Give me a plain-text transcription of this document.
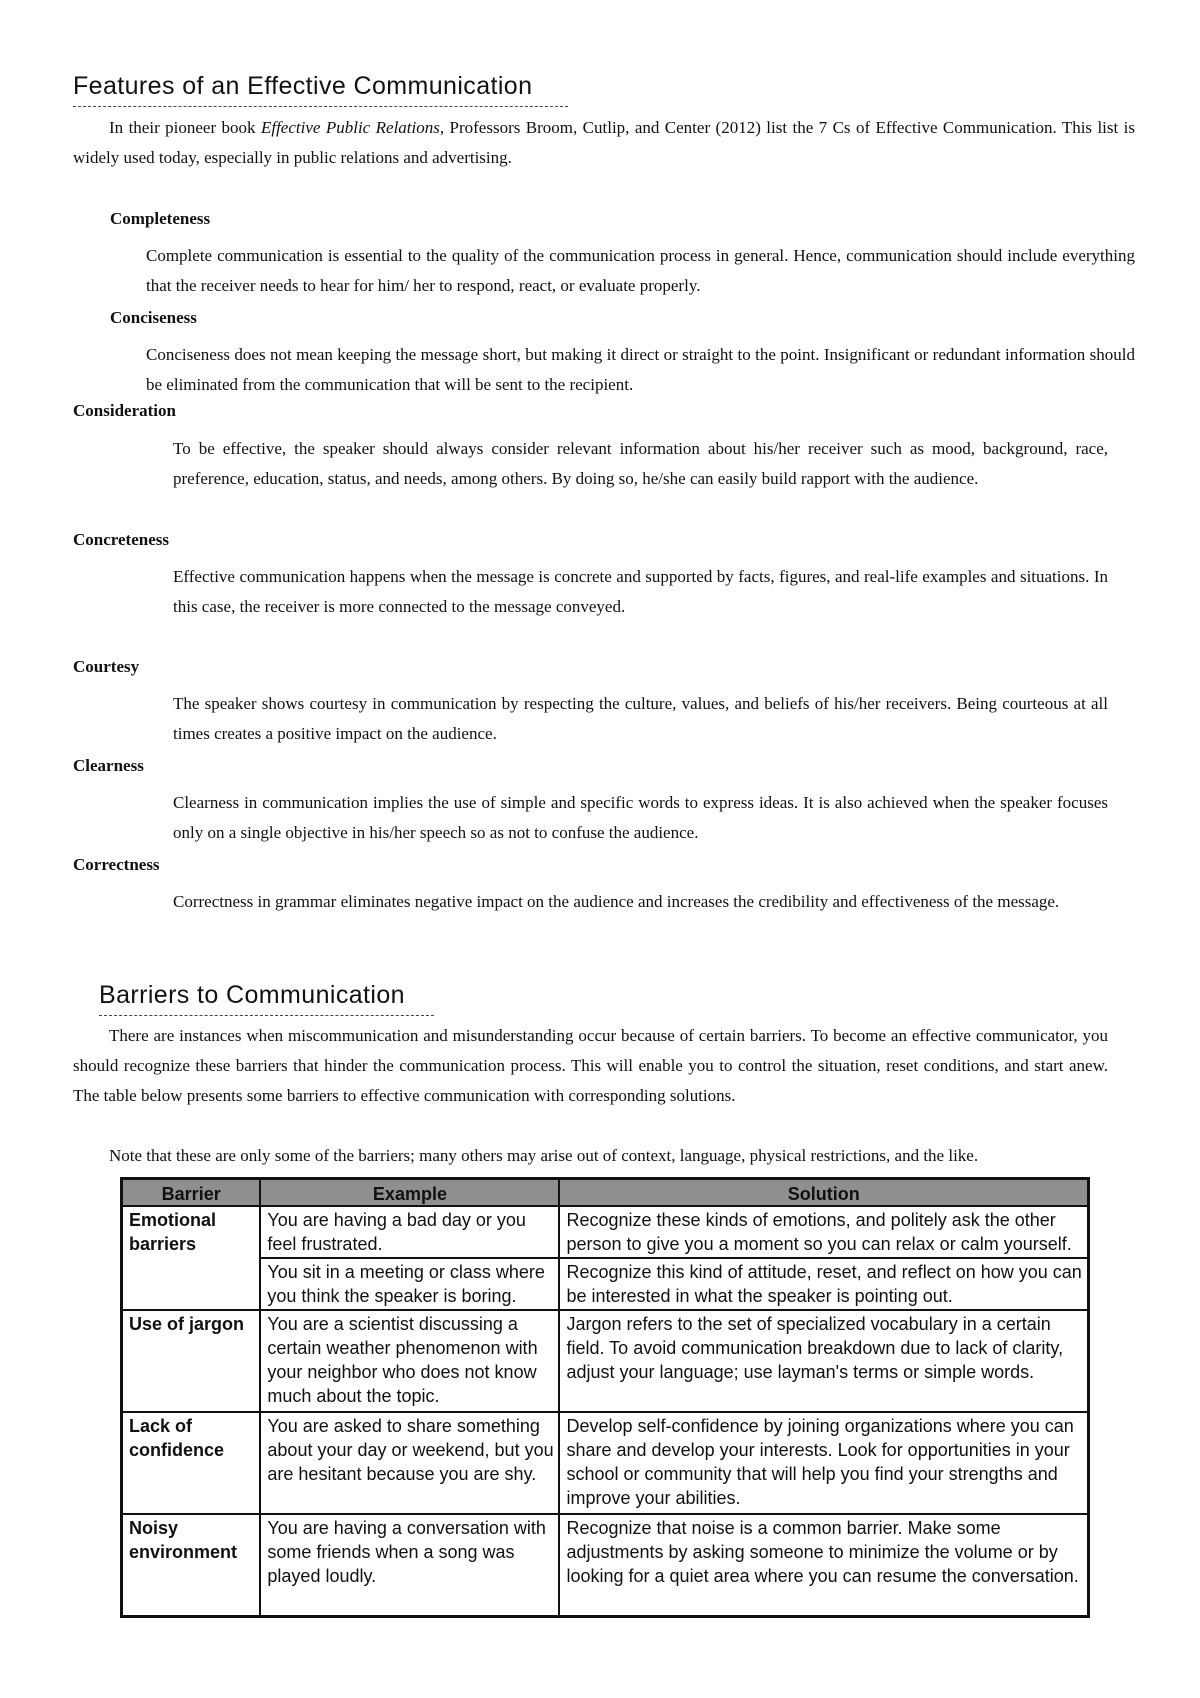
Features of an Effective Communication

In their pioneer book Effective Public Relations, Professors Broom, Cutlip, and Center (2012) list the 7 Cs of Effective Communication. This list is widely used today, especially in public relations and advertising.

Completeness

Complete communication is essential to the quality of the communication process in general. Hence, communication should include everything that the receiver needs to hear for him/ her to respond, react, or evaluate properly.

Conciseness

Conciseness does not mean keeping the message short, but making it direct or straight to the point. Insignificant or redundant information should be eliminated from the communication that will be sent to the recipient.

Consideration

To be effective, the speaker should always consider relevant information about his/her receiver such as mood, background, race, preference, education, status, and needs, among others. By doing so, he/she can easily build rapport with the audience.

Concreteness

Effective communication happens when the message is concrete and supported by facts, figures, and real-life examples and situations. In this case, the receiver is more connected to the message conveyed.

Courtesy

The speaker shows courtesy in communication by respecting the culture, values, and beliefs of his/her receivers. Being courteous at all times creates a positive impact on the audience.

Clearness

Clearness in communication implies the use of simple and specific words to express ideas. It is also achieved when the speaker focuses only on a single objective in his/her speech so as not to confuse the audience.

Correctness

Correctness in grammar eliminates negative impact on the audience and increases the credibility and effectiveness of the message.

Barriers to Communication

There are instances when miscommunication and misunderstanding occur because of certain barriers. To become an effective communicator, you should recognize these barriers that hinder the communication process. This will enable you to control the situation, reset conditions, and start anew. The table below presents some barriers to effective communication with corresponding solutions.

Note that these are only some of the barriers; many others may arise out of context, language, physical restrictions, and the like.

Barrier	Example	Solution
Emotional barriers	You are having a bad day or you feel frustrated.	Recognize these kinds of emotions, and politely ask the other person to give you a moment so you can relax or calm yourself.
	You sit in a meeting or class where you think the speaker is boring.	Recognize this kind of attitude, reset, and reflect on how you can be interested in what the speaker is pointing out.
Use of jargon	You are a scientist discussing a certain weather phenomenon with your neighbor who does not know much about the topic.	Jargon refers to the set of specialized vocabulary in a certain field. To avoid communication breakdown due to lack of clarity, adjust your language; use layman's terms or simple words.
Lack of confidence	You are asked to share something about your day or weekend, but you are hesitant because you are shy.	Develop self-confidence by joining organizations where you can share and develop your interests. Look for opportunities in your school or community that will help you find your strengths and improve your abilities.
Noisy environment	You are having a conversation with some friends when a song was played loudly.	Recognize that noise is a common barrier. Make some adjustments by asking someone to minimize the volume or by looking for a quiet area where you can resume the conversation.
